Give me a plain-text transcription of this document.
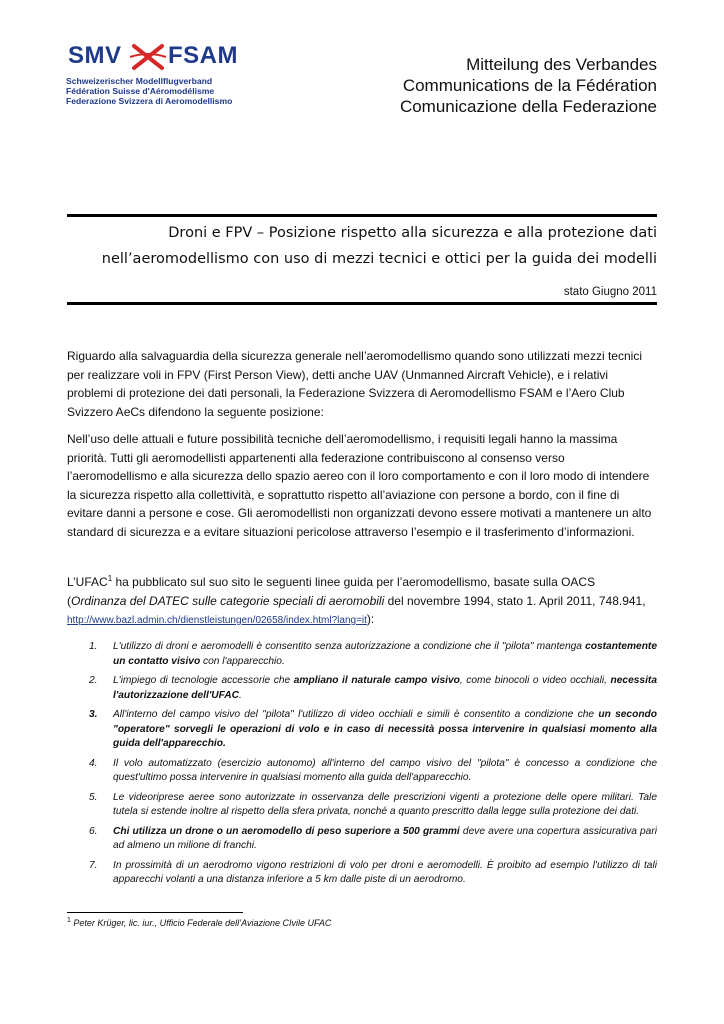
SMV FSAM
Schweizerischer Modellflugverband
Fédération Suisse d'Aéromodélisme
Federazione Svizzera di Aeromodellismo
Mitteilung des Verbandes
Communications de la Fédération
Comunicazione della Federazione
Droni e FPV – Posizione rispetto alla sicurezza e alla protezione dati
nell’aeromodellismo con uso di mezzi tecnici e ottici per la guida dei modelli
stato Giugno 2011

Riguardo alla salvaguardia della sicurezza generale nell’aeromodellismo quando sono utilizzati mezzi tecnici per realizzare voli in FPV (First Person View), detti anche UAV (Unmanned Aircraft Vehicle), e i relativi problemi di protezione dei dati personali, la Federazione Svizzera di Aeromodellismo FSAM e l’Aero Club Svizzero AeCs difendono la seguente posizione:

Nell’uso delle attuali e future possibilità tecniche dell’aeromodellismo, i requisiti legali hanno la massima priorità. Tutti gli aeromodellisti appartenenti alla federazione contribuiscono al consenso verso l’aeromodellismo e alla sicurezza dello spazio aereo con il loro comportamento e con il loro modo di intendere la sicurezza rispetto alla collettività, e soprattutto rispetto all’aviazione con persone a bordo, con il fine di evitare danni a persone e cose. Gli aeromodellisti non organizzati devono essere motivati a mantenere un alto standard di sicurezza e a evitare situazioni pericolose attraverso l’esempio e il trasferimento d’informazioni.

L’UFAC$^1$ ha pubblicato sul suo sito le seguenti linee guida per l’aeromodellismo, basate sulla OACS (Ordinanza del DATEC sulle categorie speciali di aeromobili del novembre 1994, stato 1. April 2011, 748.941, http://www.bazl.admin.ch/dienstleistungen/02658/index.html?lang=it):

1. L'utilizzo di droni e aeromodelli è consentito senza autorizzazione a condizione che il "pilota" mantenga costantemente un contatto visivo con l'apparecchio.
2. L'impiego di tecnologie accessorie che ampliano il naturale campo visivo, come binocoli o video occhiali, necessita l'autorizzazione dell'UFAC.
3. All'interno del campo visivo del "pilota" l'utilizzo di video occhiali e simili è consentito a condizione che un secondo "operatore" sorvegli le operazioni di volo e in caso di necessità possa intervenire in qualsiasi momento alla guida dell'apparecchio.
4. Il volo automatizzato (esercizio autonomo) all'interno del campo visivo del "pilota" è concesso a condizione che quest'ultimo possa intervenire in qualsiasi momento alla guida dell'apparecchio.
5. Le videoriprese aeree sono autorizzate in osservanza delle prescrizioni vigenti a protezione delle opere militari. Tale tutela si estende inoltre al rispetto della sfera privata, nonché a quanto prescritto dalla legge sulla protezione dei dati.
6. Chi utilizza un drone o un aeromodello di peso superiore a 500 grammi deve avere una copertura assicurativa pari ad almeno un milione di franchi.
7. In prossimità di un aerodromo vigono restrizioni di volo per droni e aeromodelli. È proibito ad esempio l'utilizzo di tali apparecchi volanti a una distanza inferiore a 5 km dalle piste di un aerodromo.
$^1$ Peter Krüger, lic. iur., Ufficio Federale dell’Aviazione CIvile UFAC
